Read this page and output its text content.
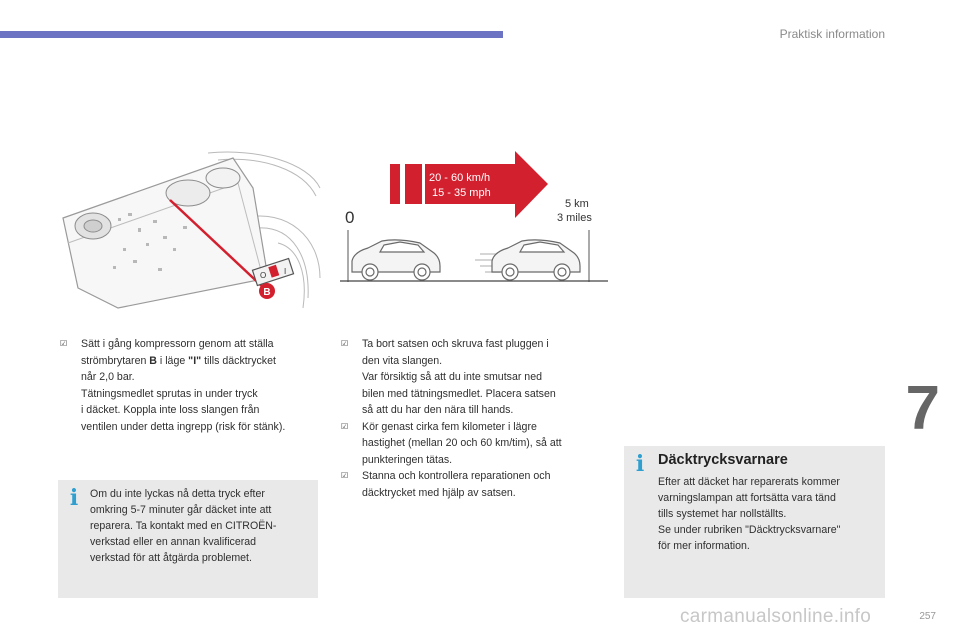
Praktisk information
7
O I
B
20 - 60 km/h
15 - 35 mph
0
5 km
3 miles
☑ Sätt i gång kompressorn genom att ställa
strömbrytaren B i läge "I" tills däcktrycket
når 2,0 bar.
Tätningsmedlet sprutas in under tryck
i däcket. Koppla inte loss slangen från
ventilen under detta ingrepp (risk för stänk).
☑ Ta bort satsen och skruva fast pluggen i
den vita slangen.
Var försiktig så att du inte smutsar ned
bilen med tätningsmedlet. Placera satsen
så att du har den nära till hands.
☑ Kör genast cirka fem kilometer i lägre
hastighet (mellan 20 och 60 km/tim), så att
punkteringen tätas.
☑ Stanna och kontrollera reparationen och
däcktrycket med hjälp av satsen.
i Om du inte lyckas nå detta tryck efter
omkring 5-7 minuter går däcket inte att
reparera. Ta kontakt med en CITROËN-
verkstad eller en annan kvalificerad
verkstad för att åtgärda problemet.
i Däcktrycksvarnare
Efter att däcket har reparerats kommer
varningslampan att fortsätta vara tänd
tills systemet har nollställts.
Se under rubriken "Däcktrycksvarnare"
för mer information.
257
carmanualsonline.info
